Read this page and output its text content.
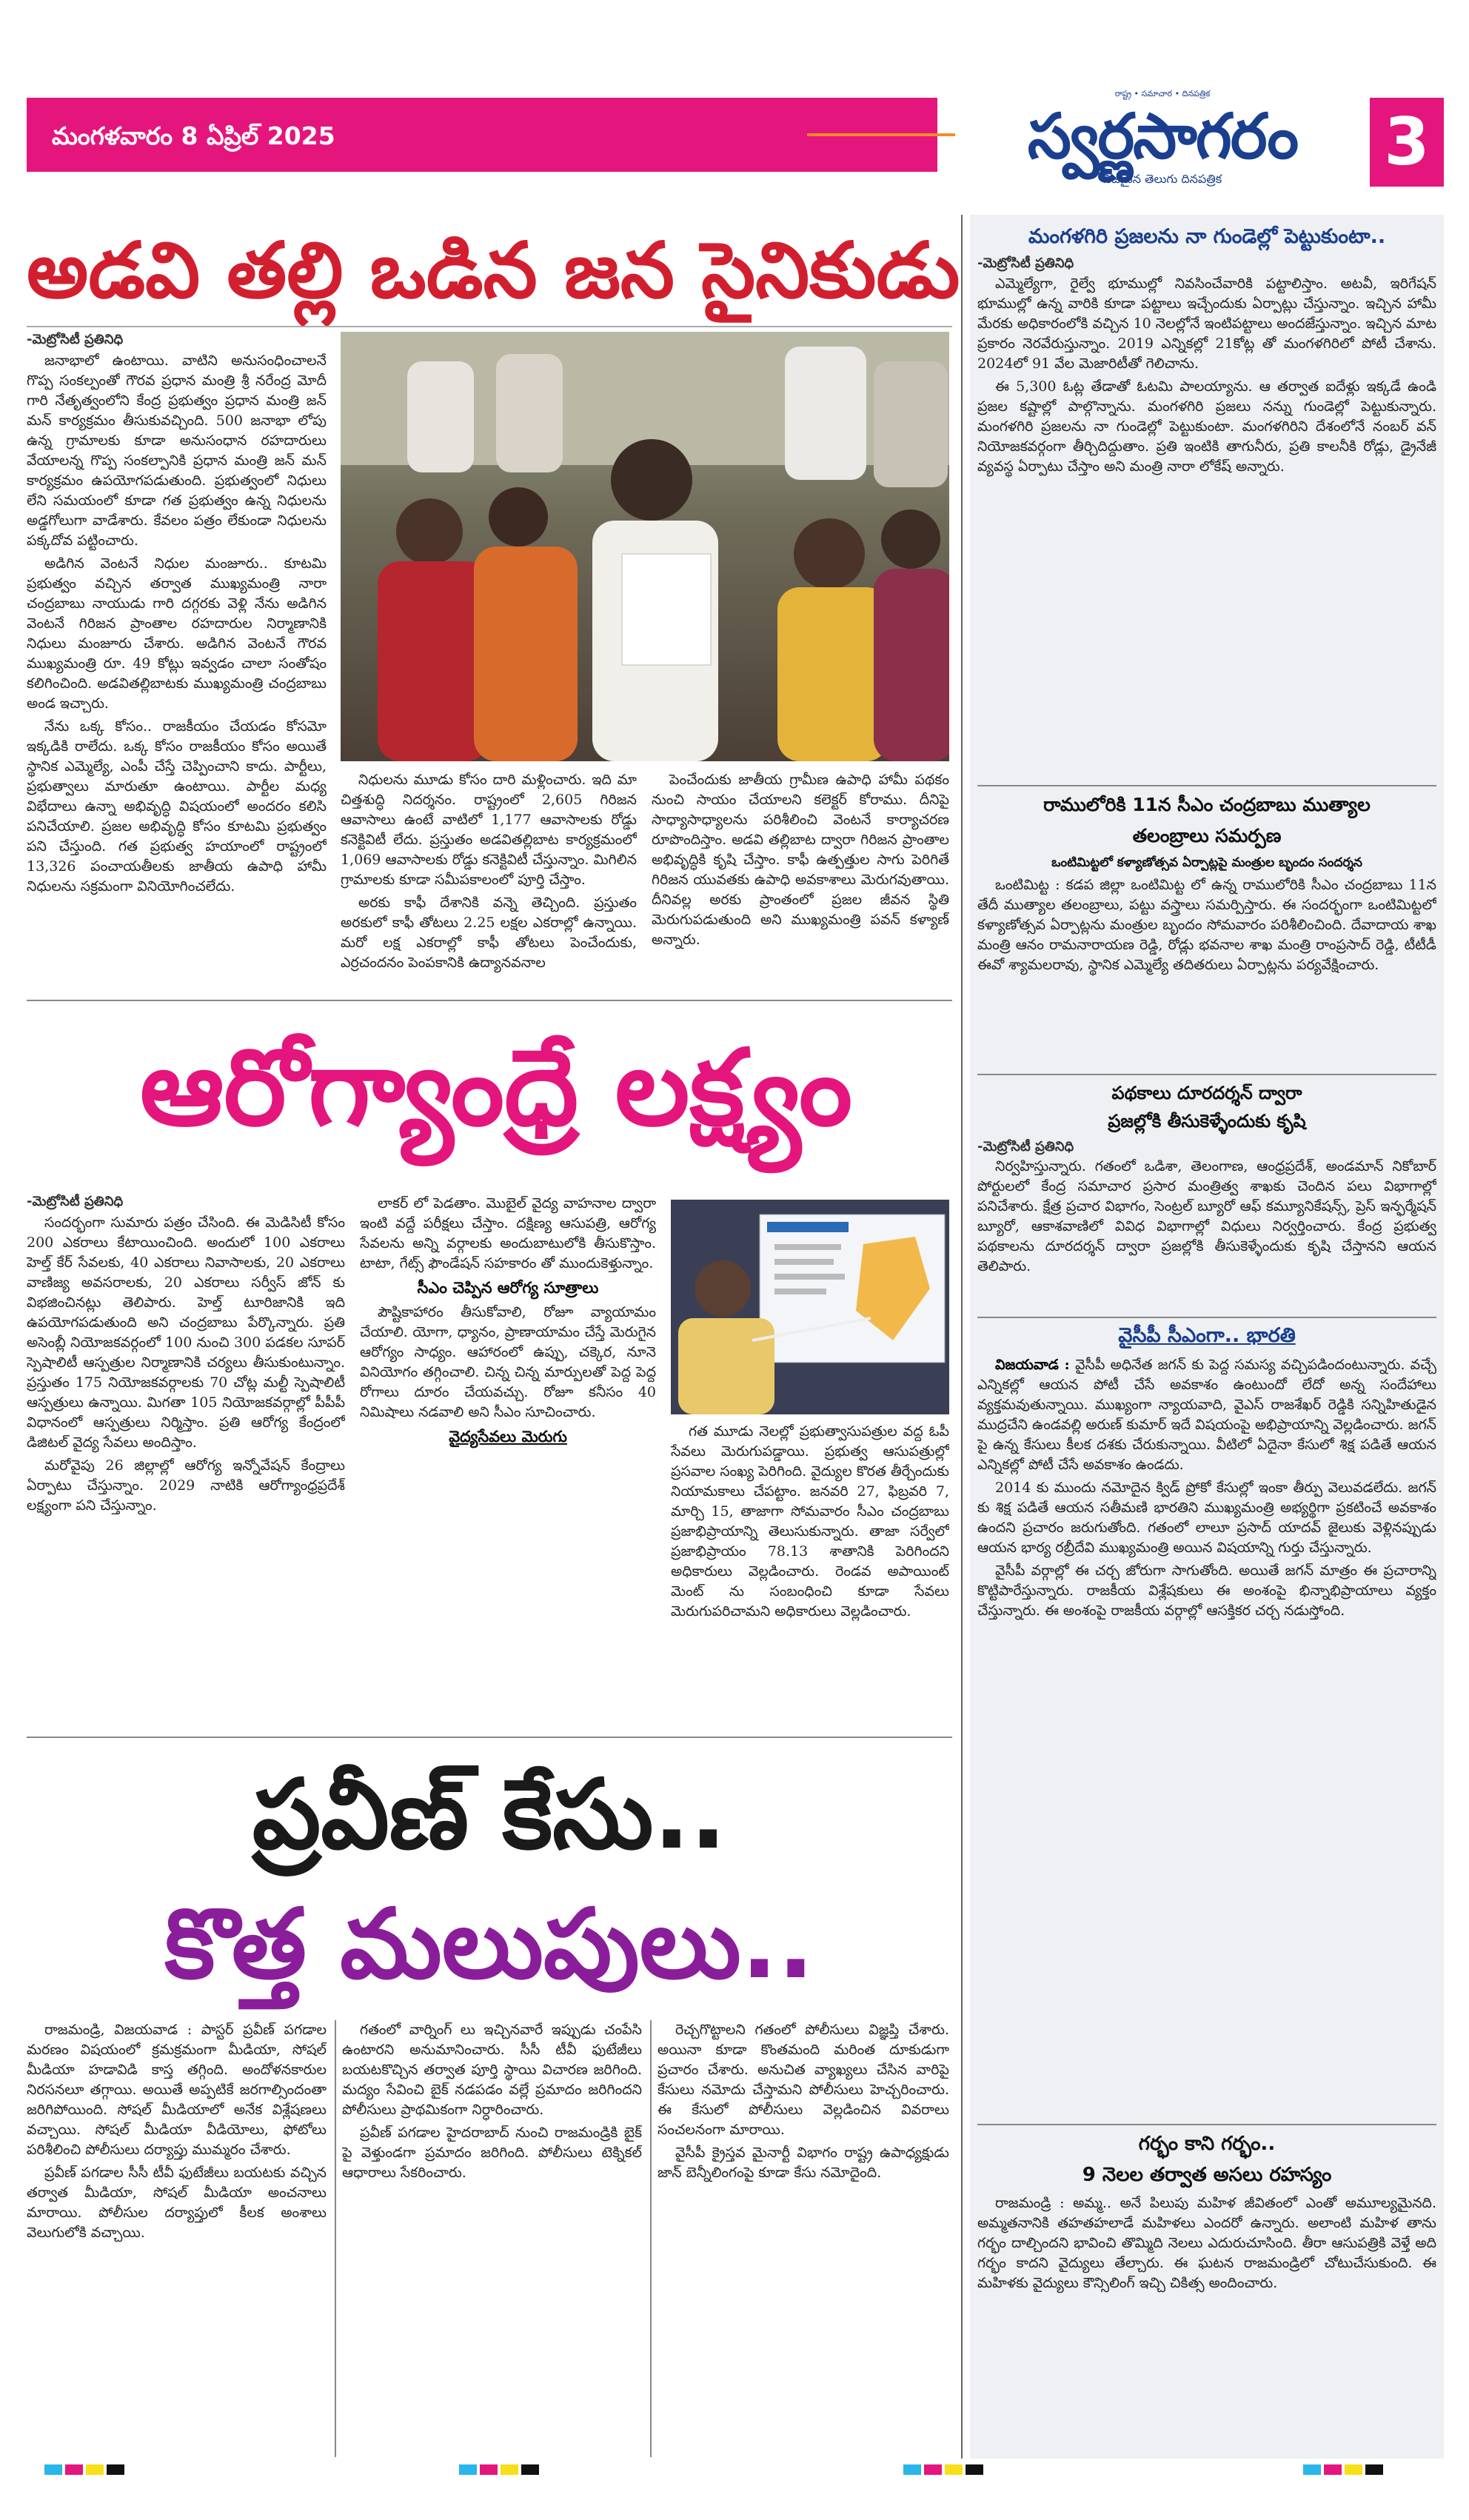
మంగళవారం 8 ఏప్రిల్ 2025
రాష్ట్ర • సమాచార • దినపత్రిక
స్వర్ణసాగరం
నిజమైన తెలుగు దినపత్రిక	3
అడవి తల్లి ఒడిన జన సైనికుడు
-మెట్రోసిటీ ప్రతినిధి

జనాభాలో ఉంటాయి. వాటిని అనుసంధించాలనే గొప్ప సంకల్పంతో గౌరవ ప్రధాన మంత్రి శ్రీ నరేంద్ర మోదీ గారి నేతృత్వంలోని కేంద్ర ప్రభుత్వం ప్రధాన మంత్రి జన్ మన్ కార్యక్రమం తీసుకువచ్చింది. 500 జనాభా లోపు ఉన్న గ్రామాలకు కూడా అనుసంధాన రహదారులు వేయాలన్న గొప్ప సంకల్పానికి ప్రధాన మంత్రి జన్ మన్ కార్యక్రమం ఉపయోగపడుతుంది. ప్రభుత్వంలో నిధులు లేని సమయంలో కూడా గత ప్రభుత్వం ఉన్న నిధులను అడ్డగోలుగా వాడేశారు. కేవలం పత్రం లేకుండా నిధులను పక్కదోవ పట్టించారు.

అడిగిన వెంటనే నిధుల మంజూరు.. కూటమి ప్రభుత్వం వచ్చిన తర్వాత ముఖ్యమంత్రి నారా చంద్రబాబు నాయుడు గారి దగ్గరకు వెళ్లి నేను అడిగిన వెంటనే గిరిజన ప్రాంతాల రహదారుల నిర్మాణానికి నిధులు మంజూరు చేశారు. అడిగిన వెంటనే గౌరవ ముఖ్యమంత్రి రూ. 49 కోట్లు ఇవ్వడం చాలా సంతోషం కలిగించింది. అడవితల్లిబాటకు ముఖ్యమంత్రి చంద్రబాబు అండ ఇచ్చారు.

నేను ఒక్క కోసం.. రాజకీయం చేయడం కోసమో ఇక్కడికి రాలేదు. ఒక్క కోసం రాజకీయం కోసం అయితే స్థానిక ఎమ్మెల్యే, ఎంపీ చేస్తే చెప్పించాని కాదు. పార్టీలు, ప్రభుత్వాలు మారుతూ ఉంటాయి. పార్టీల మధ్య విభేదాలు ఉన్నా అభివృద్ధి విషయంలో అందరం కలిసి పనిచేయాలి. ప్రజల అభివృద్ధి కోసం కూటమి ప్రభుత్వం పని చేస్తుంది. గత ప్రభుత్వ హయాంలో రాష్ట్రంలో 13,326 పంచాయతీలకు జాతీయ ఉపాధి హామీ నిధులను సక్రమంగా వినియోగించలేదు.

నిధులను మూడు కోసం దారి మళ్లించారు. ఇది మా చిత్తశుద్ధి నిదర్శనం. రాష్ట్రంలో 2,605 గిరిజన ఆవాసాలు ఉంటే వాటిలో 1,177 ఆవాసాలకు రోడ్డు కనెక్టివిటీ లేదు. ప్రస్తుతం అడవితల్లిబాట కార్యక్రమంలో 1,069 ఆవాసాలకు రోడ్డు కనెక్టివిటీ చేస్తున్నాం. మిగిలిన గ్రామాలకు కూడా సమీపకాలంలో పూర్తి చేస్తాం.

అరకు కాఫీ దేశానికి వన్నె తెచ్చింది. ప్రస్తుతం అరకులో కాఫీ తోటలు 2.25 లక్షల ఎకరాల్లో ఉన్నాయి. మరో లక్ష ఎకరాల్లో కాఫీ తోటలు పెంచేందుకు, ఎర్రచందనం పెంపకానికి ఉద్యానవనాల

పెంచేందుకు జాతీయ గ్రామీణ ఉపాధి హామీ పథకం నుంచి సాయం చేయాలని కలెక్టర్ కోరాము. దీనిపై సాధ్యాసాధ్యాలను పరిశీలించి వెంటనే కార్యాచరణ రూపొందిస్తాం. అడవి తల్లిబాట ద్వారా గిరిజన ప్రాంతాల అభివృద్ధికి కృషి చేస్తాం. కాఫీ ఉత్పత్తుల సాగు పెరిగితే గిరిజన యువతకు ఉపాధి అవకాశాలు మెరుగవుతాయి. దీనివల్ల అరకు ప్రాంతంలో ప్రజల జీవన స్థితి మెరుగుపడుతుంది అని ముఖ్యమంత్రి పవన్ కళ్యాణ్ అన్నారు.

ఆరోగ్యాంధ్రే లక్ష్యం
-మెట్రోసిటీ ప్రతినిధి

సందర్భంగా సుమారు పత్రం చేసింది. ఈ మెడిసిటీ కోసం 200 ఎకరాలు కేటాయించింది. అందులో 100 ఎకరాలు హెల్త్ కేర్ సేవలకు, 40 ఎకరాలు నివాసాలకు, 20 ఎకరాలు వాణిజ్య అవసరాలకు, 20 ఎకరాలు సర్వీస్ జోన్ కు విభజించినట్లు తెలిపారు. హెల్త్ టూరిజానికి ఇది ఉపయోగపడుతుంది అని చంద్రబాబు పేర్కొన్నారు. ప్రతి అసెంబ్లీ నియోజకవర్గంలో 100 నుంచి 300 పడకల సూపర్ స్పెషాలిటీ ఆస్పత్రుల నిర్మాణానికి చర్యలు తీసుకుంటున్నాం. ప్రస్తుతం 175 నియోజకవర్గాలకు 70 చోట్ల మల్టీ స్పెషాలిటీ ఆస్పత్రులు ఉన్నాయి. మిగతా 105 నియోజకవర్గాల్లో పీపీపీ విధానంలో ఆస్పత్రులు నిర్మిస్తాం. ప్రతి ఆరోగ్య కేంద్రంలో డిజిటల్ వైద్య సేవలు అందిస్తాం.

మరోవైపు 26 జిల్లాల్లో ఆరోగ్య ఇన్నోవేషన్ కేంద్రాలు ఏర్పాటు చేస్తున్నాం. 2029 నాటికి ఆరోగ్యాంధ్రప్రదేశ్ లక్ష్యంగా పని చేస్తున్నాం.

లాకర్ లో పెడతాం. మొబైల్ వైద్య వాహనాల ద్వారా ఇంటి వద్దే పరీక్షలు చేస్తాం. దక్షిణ్య ఆసుపత్రి, ఆరోగ్య సేవలను అన్ని వర్గాలకు అందుబాటులోకి తీసుకొస్తాం. టాటా, గేట్స్ ఫౌండేషన్ సహకారం తో ముందుకెళ్తున్నాం.

సీఎం చెప్పిన ఆరోగ్య సూత్రాలు

పౌష్టికాహారం తీసుకోవాలి, రోజూ వ్యాయామం చేయాలి. యోగా, ధ్యానం, ప్రాణాయామం చేస్తే మెరుగైన ఆరోగ్యం సాధ్యం. ఆహారంలో ఉప్పు, చక్కెర, నూనె వినియోగం తగ్గించాలి. చిన్న చిన్న మార్పులతో పెద్ద పెద్ద రోగాలు దూరం చేయవచ్చు. రోజూ కనీసం 40 నిమిషాలు నడవాలి అని సీఎం సూచించారు.

వైద్యసేవలు మెరుగు	గత మూడు నెలల్లో ప్రభుత్వాసుపత్రుల వద్ద ఓపీ సేవలు మెరుగుపడ్డాయి. ప్రభుత్వ ఆసుపత్రుల్లో ప్రసవాల సంఖ్య పెరిగింది. వైద్యుల కొరత తీర్చేందుకు నియామకాలు చేపట్టాం. జనవరి 27, ఫిబ్రవరి 7, మార్చి 15, తాజాగా సోమవారం సీఎం చంద్రబాబు ప్రజాభిప్రాయాన్ని తెలుసుకున్నారు. తాజా సర్వేలో ప్రజాభిప్రాయం 78.13 శాతానికి పెరిగిందని అధికారులు వెల్లడించారు. రెండవ అపాయింట్ మెంట్ ను సంబంధించి కూడా సేవలు మెరుగుపరిచామని అధికారులు వెల్లడించారు.

ప్రవీణ్ కేసు..
కొత్త మలుపులు..

రాజమండ్రి, విజయవాడ : పాస్టర్ ప్రవీణ్ పగడాల మరణం విషయంలో క్రమక్రమంగా మీడియా, సోషల్ మీడియా హడావిడి కాస్త తగ్గింది. అందోళనకారుల నిరసనలూ తగ్గాయి. అయితే అప్పటికే జరగాల్సిందంతా జరిగిపోయింది. సోషల్ మీడియాలో అనేక విశ్లేషణలు వచ్చాయి. సోషల్ మీడియా వీడియోలు, ఫోటోలు పరిశీలించి పోలీసులు దర్యాప్తు ముమ్మరం చేశారు.

ప్రవీణ్ పగడాల సీసీ టీవీ ఫుటేజీలు బయటకు వచ్చిన తర్వాత మీడియా, సోషల్ మీడియా అంచనాలు మారాయి. పోలీసుల దర్యాప్తులో కీలక అంశాలు వెలుగులోకి వచ్చాయి.

గతంలో వార్నింగ్ లు ఇచ్చినవారే ఇప్పుడు చంపేసి ఉంటారని అనుమానించారు. సీసీ టీవీ ఫుటేజీలు బయటకొచ్చిన తర్వాత పూర్తి స్థాయి విచారణ జరిగింది. మద్యం సేవించి బైక్ నడపడం వల్లే ప్రమాదం జరిగిందని పోలీసులు ప్రాథమికంగా నిర్ధారించారు.

ప్రవీణ్ పగడాల హైదరాబాద్ నుంచి రాజమండ్రికి బైక్ పై వెళ్తుండగా ప్రమాదం జరిగింది. పోలీసులు టెక్నికల్ ఆధారాలు సేకరించారు.

రెచ్చగొట్టాలని గతంలో పోలీసులు విజ్ఞప్తి చేశారు. అయినా కూడా కొంతమంది మరింత దూకుడుగా ప్రచారం చేశారు. అనుచిత వ్యాఖ్యలు చేసిన వారిపై కేసులు నమోదు చేస్తామని పోలీసులు హెచ్చరించారు. ఈ కేసులో పోలీసులు వెల్లడించిన వివరాలు సంచలనంగా మారాయి.

వైసీపీ క్రైస్తవ మైనార్టీ విభాగం రాష్ట్ర ఉపాధ్యక్షుడు జాన్ బెన్నీలింగంపై కూడా కేసు నమోదైంది.

మంగళగిరి ప్రజలను నా గుండెల్లో పెట్టుకుంటా..
-మెట్రోసిటీ ప్రతినిధి

ఎమ్మెల్యేగా, రైల్వే భూముల్లో నివసించేవారికి పట్టాలిస్తాం. అటవీ, ఇరిగేషన్ భూముల్లో ఉన్న వారికి కూడా పట్టాలు ఇచ్చేందుకు ఏర్పాట్లు చేస్తున్నాం. ఇచ్చిన హామీ మేరకు అధికారంలోకి వచ్చిన 10 నెలల్లోనే ఇంటిపట్టాలు అందజేస్తున్నాం. ఇచ్చిన మాట ప్రకారం నెరవేరుస్తున్నాం. 2019 ఎన్నికల్లో 21కోట్ల తో మంగళగిరిలో పోటీ చేశాను. 2024లో 91 వేల మెజారిటీతో గెలిచాను.

ఈ 5,300 ఓట్ల తేడాతో ఓటమి పాలయ్యాను. ఆ తర్వాత ఐదేళ్లు ఇక్కడే ఉండి ప్రజల కష్టాల్లో పాల్గొన్నాను. మంగళగిరి ప్రజలు నన్ను గుండెల్లో పెట్టుకున్నారు. మంగళగిరి ప్రజలను నా గుండెల్లో పెట్టుకుంటా. మంగళగిరిని దేశంలోనే నంబర్ వన్ నియోజకవర్గంగా తీర్చిదిద్దుతాం. ప్రతి ఇంటికి తాగునీరు, ప్రతి కాలనీకి రోడ్లు, డ్రైనేజీ వ్యవస్థ ఏర్పాటు చేస్తాం అని మంత్రి నారా లోకేష్ అన్నారు.

రాములోరికి 11న సీఎం చంద్రబాబు ముత్యాల
తలంబ్రాలు సమర్పణ
ఒంటిమిట్టలో కళ్యాణోత్సవ ఏర్పాట్లపై మంత్రుల బృందం సందర్శన

ఒంటిమిట్ట : కడప జిల్లా ఒంటిమిట్ట లో ఉన్న రాములోరికి సీఎం చంద్రబాబు 11న తేదీ ముత్యాల తలంబ్రాలు, పట్టు వస్త్రాలు సమర్పిస్తారు. ఈ సందర్భంగా ఒంటిమిట్టలో కళ్యాణోత్సవ ఏర్పాట్లను మంత్రుల బృందం సోమవారం పరిశీలించింది. దేవాదాయ శాఖ మంత్రి ఆనం రామనారాయణ రెడ్డి, రోడ్లు భవనాల శాఖ మంత్రి రాంప్రసాద్ రెడ్డి, టీటీడీ ఈవో శ్యామలరావు, స్థానిక ఎమ్మెల్యే తదితరులు ఏర్పాట్లను పర్యవేక్షించారు.

పథకాలు దూరదర్శన్ ద్వారా
ప్రజల్లోకి తీసుకెళ్ళేందుకు కృషి
-మెట్రోసిటీ ప్రతినిధి

నిర్వహిస్తున్నారు. గతంలో ఒడిశా, తెలంగాణ, ఆంధ్రప్రదేశ్, అండమాన్ నికోబార్ పోర్టులలో కేంద్ర సమాచార ప్రసార మంత్రిత్వ శాఖకు చెందిన పలు విభాగాల్లో పనిచేశారు. క్షేత్ర ప్రచార విభాగం, సెంట్రల్ బ్యూరో ఆఫ్ కమ్యూనికేషన్స్, ప్రెస్ ఇన్ఫర్మేషన్ బ్యూరో, ఆకాశవాణిలో వివిధ విభాగాల్లో విధులు నిర్వర్తించారు. కేంద్ర ప్రభుత్వ పథకాలను దూరదర్శన్ ద్వారా ప్రజల్లోకి తీసుకెళ్ళేందుకు కృషి చేస్తానని ఆయన తెలిపారు.

వైసీపీ సీఎంగా.. భారతి

విజయవాడ : వైసీపీ అధినేత జగన్ కు పెద్ద సమస్య వచ్చిపడిందంటున్నారు. వచ్చే ఎన్నికల్లో ఆయన పోటీ చేసే అవకాశం ఉంటుందో లేదో అన్న సందేహాలు వ్యక్తమవుతున్నాయి. ముఖ్యంగా న్యాయవాది, వైఎస్ రాజశేఖర్ రెడ్డికి సన్నిహితుడైన ముద్రచేని ఉండవల్లి అరుణ్ కుమార్ ఇదే విషయంపై అభిప్రాయాన్ని వెల్లడించారు. జగన్ పై ఉన్న కేసులు కీలక దశకు చేరుకున్నాయి. వీటిలో ఏదైనా కేసులో శిక్ష పడితే ఆయన ఎన్నికల్లో పోటీ చేసే అవకాశం ఉండదు.

2014 కు ముందు నమోదైన క్విడ్ ప్రోకో కేసుల్లో ఇంకా తీర్పు వెలువడలేదు. జగన్ కు శిక్ష పడితే ఆయన సతీమణి భారతిని ముఖ్యమంత్రి అభ్యర్థిగా ప్రకటించే అవకాశం ఉందని ప్రచారం జరుగుతోంది. గతంలో లాలూ ప్రసాద్ యాదవ్ జైలుకు వెళ్లినప్పుడు ఆయన భార్య రబ్రీదేవి ముఖ్యమంత్రి అయిన విషయాన్ని గుర్తు చేస్తున్నారు.

వైసీపీ వర్గాల్లో ఈ చర్చ జోరుగా సాగుతోంది. అయితే జగన్ మాత్రం ఈ ప్రచారాన్ని కొట్టిపారేస్తున్నారు. రాజకీయ విశ్లేషకులు ఈ అంశంపై భిన్నాభిప్రాయాలు వ్యక్తం చేస్తున్నారు. ఈ అంశంపై రాజకీయ వర్గాల్లో ఆసక్తికర చర్చ నడుస్తోంది.

గర్భం కాని గర్భం..
9 నెలల తర్వాత అసలు రహస్యం

రాజమండ్రి : అమ్మ.. అనే పిలుపు మహిళ జీవితంలో ఎంతో అమూల్యమైనది. అమ్మతనానికి తహతహలాడే మహిళలు ఎందరో ఉన్నారు. అలాంటి మహిళ తాను గర్భం దాల్చిందని భావించి తొమ్మిది నెలలు ఎదురుచూసింది. తీరా ఆసుపత్రికి వెళ్తే అది గర్భం కాదని వైద్యులు తేల్చారు. ఈ ఘటన రాజమండ్రిలో చోటుచేసుకుంది. ఈ మహిళకు వైద్యులు కౌన్సిలింగ్ ఇచ్చి చికిత్స అందించారు.
